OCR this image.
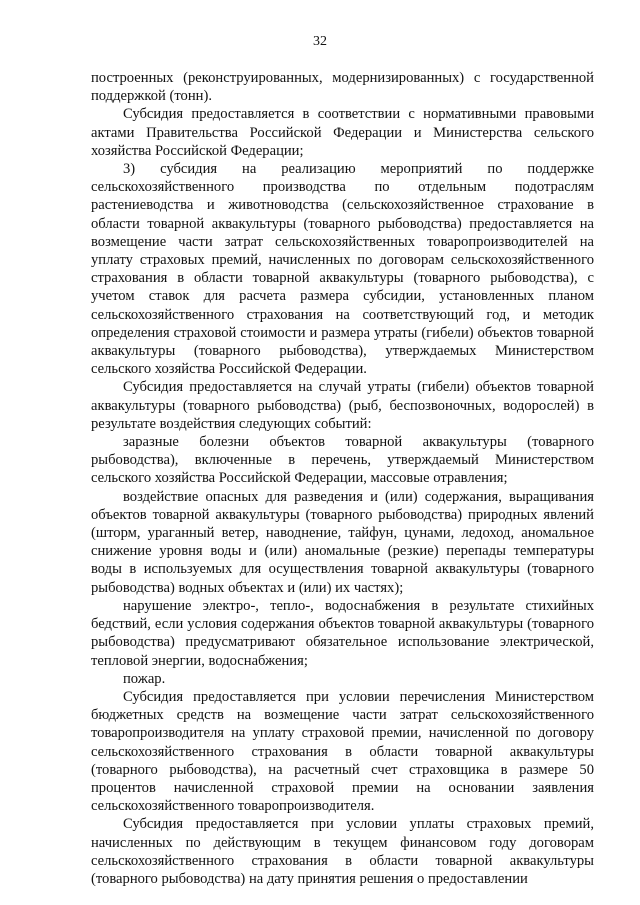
32

построенных (реконструированных, модернизированных) с государственной поддержкой (тонн).

Субсидия предоставляется в соответствии с нормативными правовыми актами Правительства Российской Федерации и Министерства сельского хозяйства Российской Федерации;

3) субсидия на реализацию мероприятий по поддержке сельскохозяйственного производства по отдельным подотраслям растениеводства и животноводства (сельскохозяйственное страхование в области товарной аквакультуры (товарного рыбоводства) предоставляется на возмещение части затрат сельскохозяйственных товаропроизводителей на уплату страховых премий, начисленных по договорам сельскохозяйственного страхования в области товарной аквакультуры (товарного рыбоводства), с учетом ставок для расчета размера субсидии, установленных планом сельскохозяйственного страхования на соответствующий год, и методик определения страховой стоимости и размера утраты (гибели) объектов товарной аквакультуры (товарного рыбоводства), утверждаемых Министерством сельского хозяйства Российской Федерации.

Субсидия предоставляется на случай утраты (гибели) объектов товарной аквакультуры (товарного рыбоводства) (рыб, беспозвоночных, водорослей) в результате воздействия следующих событий:

заразные болезни объектов товарной аквакультуры (товарного рыбоводства), включенные в перечень, утверждаемый Министерством сельского хозяйства Российской Федерации, массовые отравления;

воздействие опасных для разведения и (или) содержания, выращивания объектов товарной аквакультуры (товарного рыбоводства) природных явлений (шторм, ураганный ветер, наводнение, тайфун, цунами, ледоход, аномальное снижение уровня воды и (или) аномальные (резкие) перепады температуры воды в используемых для осуществления товарной аквакультуры (товарного рыбоводства) водных объектах и (или) их частях);

нарушение электро-, тепло-, водоснабжения в результате стихийных бедствий, если условия содержания объектов товарной аквакультуры (товарного рыбоводства) предусматривают обязательное использование электрической, тепловой энергии, водоснабжения;

пожар.

Субсидия предоставляется при условии перечисления Министерством бюджетных средств на возмещение части затрат сельскохозяйственного товаропроизводителя на уплату страховой премии, начисленной по договору сельскохозяйственного страхования в области товарной аквакультуры (товарного рыбоводства), на расчетный счет страховщика в размере 50 процентов начисленной страховой премии на основании заявления сельскохозяйственного товаропроизводителя.

Субсидия предоставляется при условии уплаты страховых премий, начисленных по действующим в текущем финансовом году договорам сельскохозяйственного страхования в области товарной аквакультуры (товарного рыбоводства) на дату принятия решения о предоставлении
